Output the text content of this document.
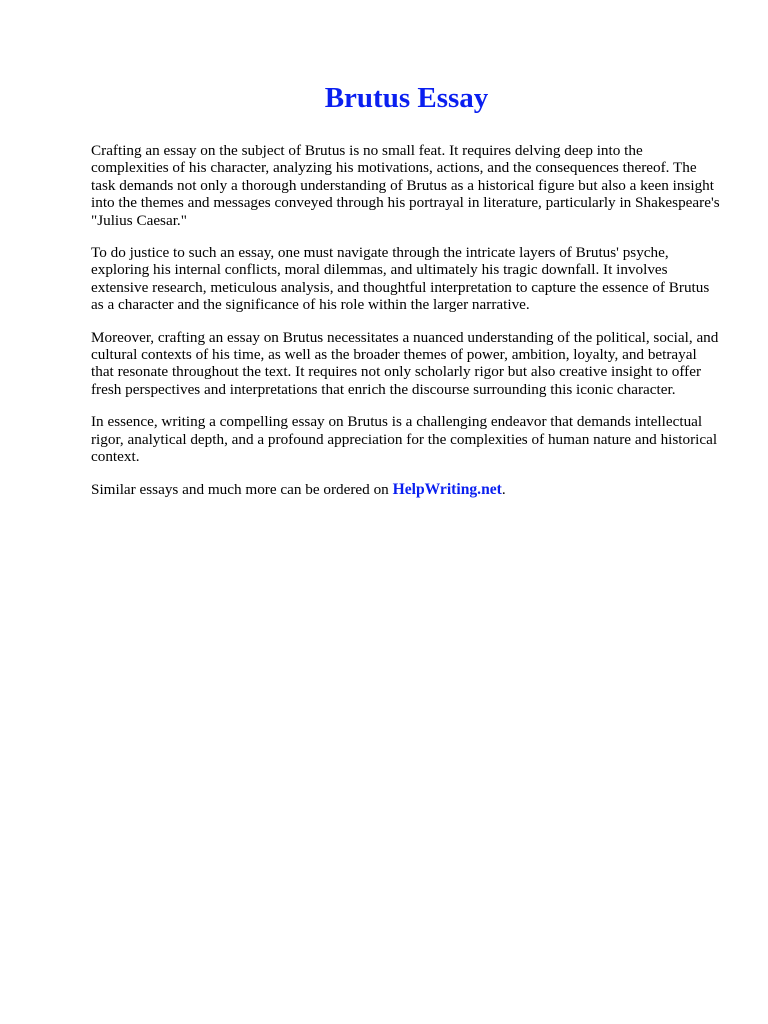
Brutus Essay

Crafting an essay on the subject of Brutus is no small feat. It requires delving deep into the complexities of his character, analyzing his motivations, actions, and the consequences thereof. The task demands not only a thorough understanding of Brutus as a historical figure but also a keen insight into the themes and messages conveyed through his portrayal in literature, particularly in Shakespeare's "Julius Caesar."

To do justice to such an essay, one must navigate through the intricate layers of Brutus' psyche, exploring his internal conflicts, moral dilemmas, and ultimately his tragic downfall. It involves extensive research, meticulous analysis, and thoughtful interpretation to capture the essence of Brutus as a character and the significance of his role within the larger narrative.

Moreover, crafting an essay on Brutus necessitates a nuanced understanding of the political, social, and cultural contexts of his time, as well as the broader themes of power, ambition, loyalty, and betrayal that resonate throughout the text. It requires not only scholarly rigor but also creative insight to offer fresh perspectives and interpretations that enrich the discourse surrounding this iconic character.

In essence, writing a compelling essay on Brutus is a challenging endeavor that demands intellectual rigor, analytical depth, and a profound appreciation for the complexities of human nature and historical context.

Similar essays and much more can be ordered on HelpWriting.net.
